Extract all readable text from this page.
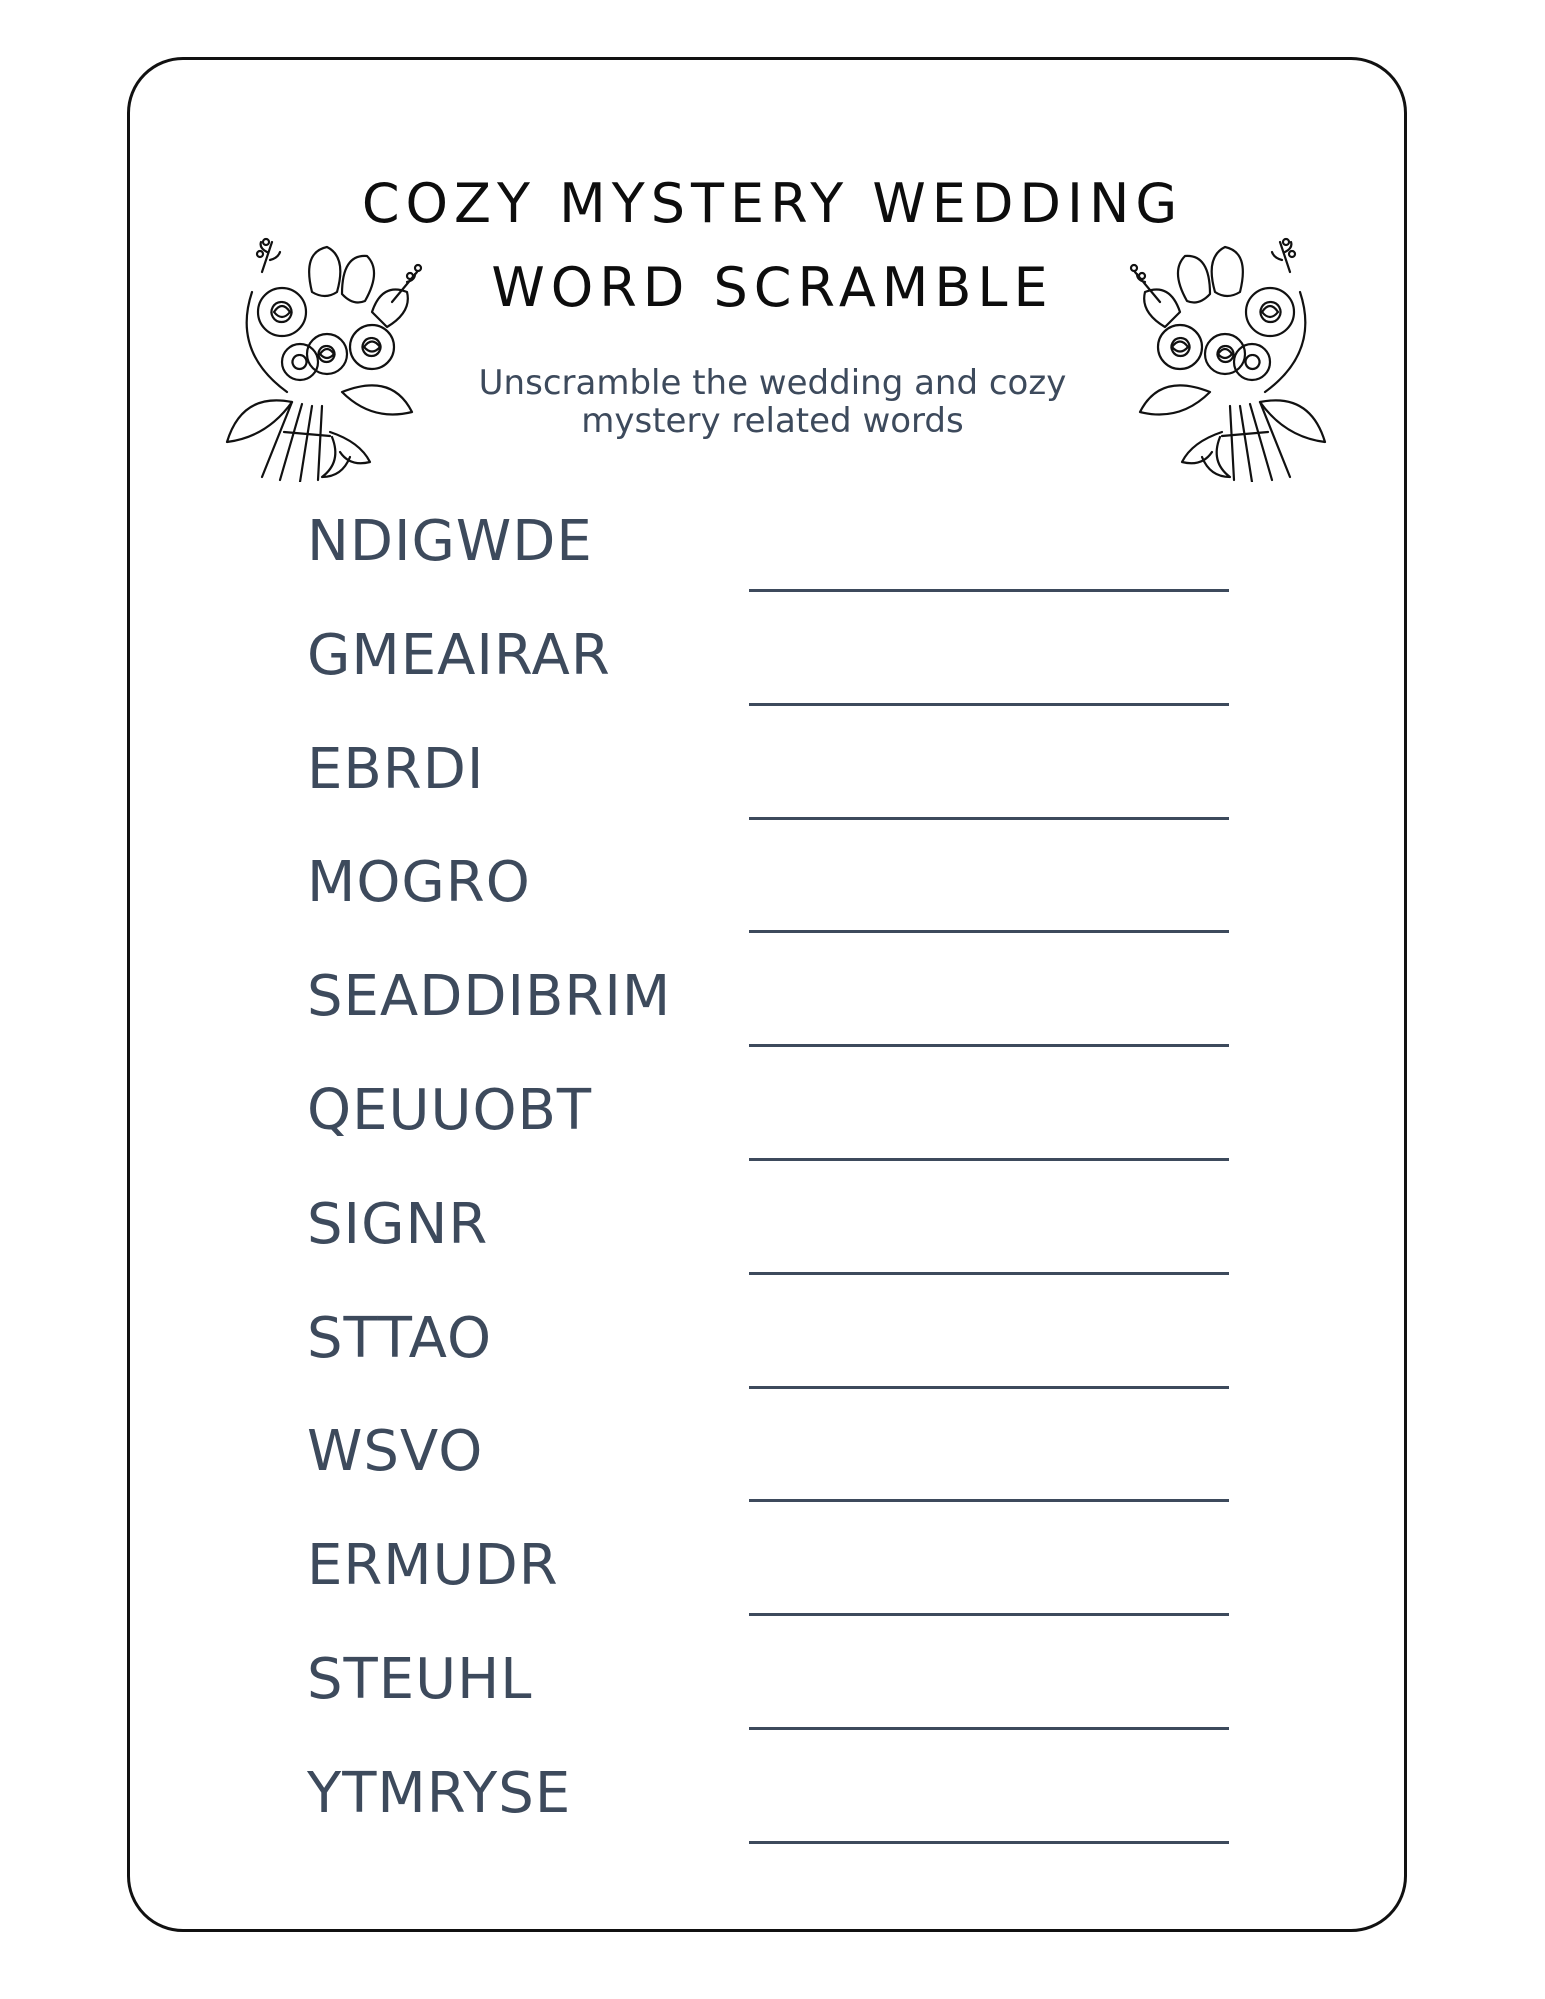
COZY MYSTERY WEDDING
WORD SCRAMBLE

Unscramble the wedding and cozy mystery related words

NDIGWDE
GMEAIRAR
EBRDI
MOGRO
SEADDIBRIM
QEUUOBT
SIGNR
STTAO
WSVO
ERMUDR
STEUHL
YTMRYSE
